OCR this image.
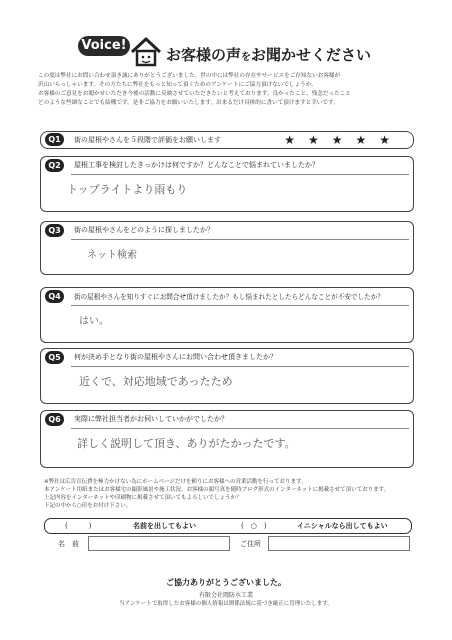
Voice!
お客様の声をお聞かせください
この度は弊社にお問い合わせ頂き誠にありがとうございました。世の中には弊社の存在やサービスをご存知ないお客様が
沢山いらっしゃいます。その方たちに弊社をもっと知って頂くためのアンケートにご協力頂けないでしょうか。
お客様のご意見をお聞かせいただき今後の活動に反映させていただきたいと考えております。良かったこと、残念だったこと
どのような些細なことでも結構です。是非ご協力をお願いいたします。出来るだけ具体的に書いて頂けますと幸いです。
Q1	街の屋根やさんを５段階で評価をお願いします	★★★★★
Q2	屋根工事を検討したきっかけは何ですか？どんなことで悩まれていましたか？
トップライトより雨もり
Q3	街の屋根やさんをどのように探しましたか？
ネット検索
Q4	街の屋根やさんを知りすぐにお問合せ頂けましたか？もし悩まれたとしたらどんなことが不安でしたか？
はい。
Q5	何が決め手となり街の屋根やさんにお問い合わせ頂きましたか？
近くで、対応地域であったため
Q6	実際に弊社担当者がお伺いしていかがでしたか？
詳しく説明して頂き、ありがたかったです。
※弊社は広告宣伝費を極力かけない為にホームページだけを頼りにお客様への営業活動を行っております。
本アンケート用紙またはお客様宅の撮影風景や施工状況、お客様の顔写真を随時ブログ形式のインターネットに掲載させて頂いております。
上記内容をインターネットや印刷物に掲載させて頂いてもよろしいでしょうか？
下記の中から○印をお付け下さい。
(　　　)	名前を出してもよい	(　○　)	イニシャルなら出してもよい
名　前	ご住所
ご協力ありがとうございました。
有限会社岡防水工業
当アンケートで取得したお客様の個人情報は関係法規に基づき厳正に管理いたします。
